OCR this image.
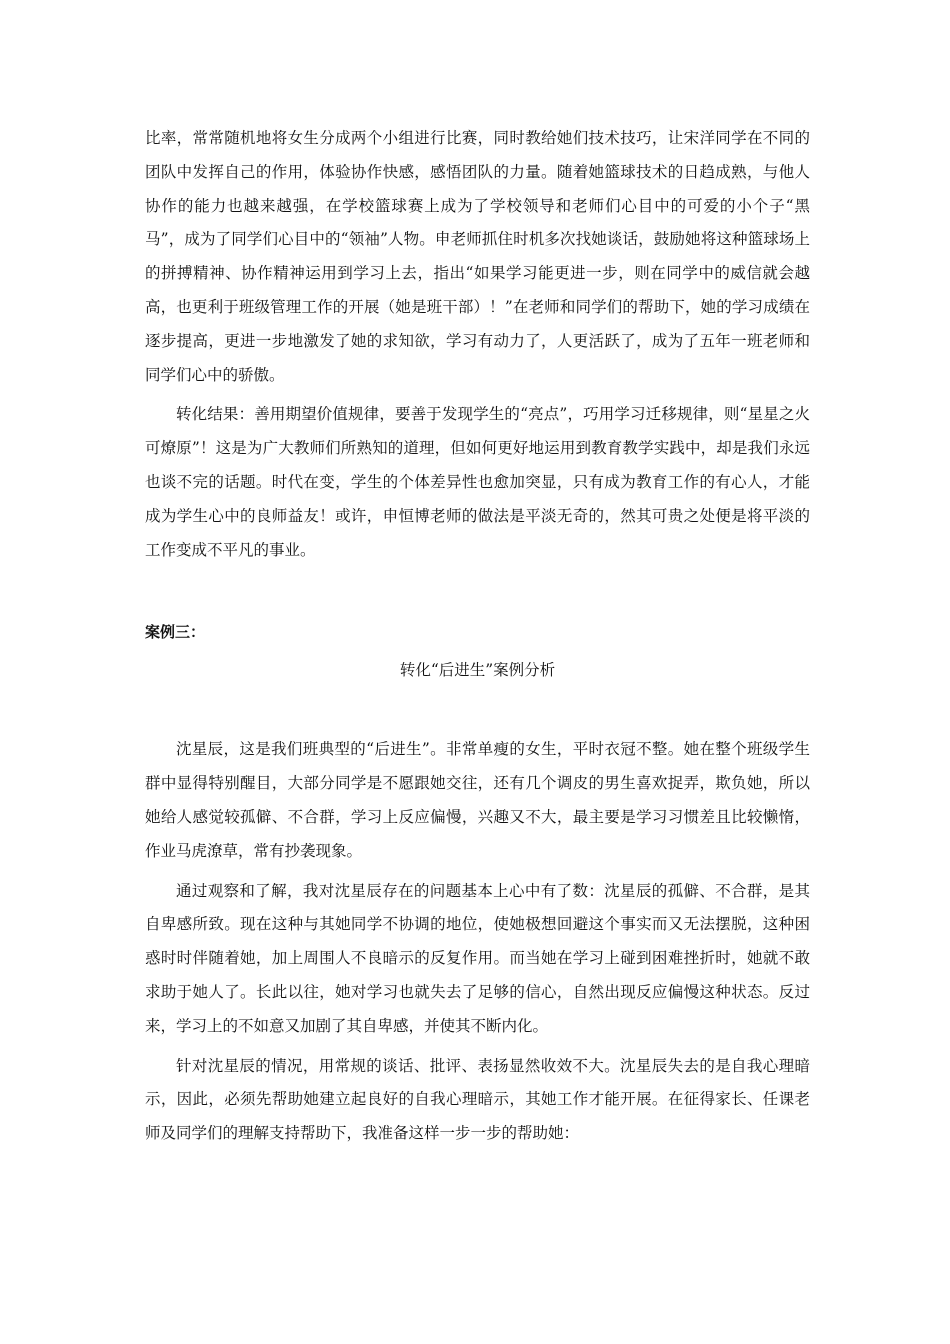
比率，常常随机地将女生分成两个小组进行比赛，同时教给她们技术技巧，让宋洋同学在不同的团队中发挥自己的作用，体验协作快感，感悟团队的力量。随着她篮球技术的日趋成熟，与他人协作的能力也越来越强，在学校篮球赛上成为了学校领导和老师们心目中的可爱的小个子“黑马”，成为了同学们心目中的“领袖”人物。申老师抓住时机多次找她谈话，鼓励她将这种篮球场上的拼搏精神、协作精神运用到学习上去，指出“如果学习能更进一步，则在同学中的威信就会越高，也更利于班级管理工作的开展（她是班干部）！”在老师和同学们的帮助下，她的学习成绩在逐步提高，更进一步地激发了她的求知欲，学习有动力了，人更活跃了，成为了五年一班老师和同学们心中的骄傲。

转化结果：善用期望价值规律，要善于发现学生的“亮点”，巧用学习迁移规律，则“星星之火可燎原”！这是为广大教师们所熟知的道理，但如何更好地运用到教育教学实践中，却是我们永远也谈不完的话题。时代在变，学生的个体差异性也愈加突显，只有成为教育工作的有心人，才能成为学生心中的良师益友！或许，申恒博老师的做法是平淡无奇的，然其可贵之处便是将平淡的工作变成不平凡的事业。

案例三：
转化“后进生”案例分析

沈星辰，这是我们班典型的“后进生”。非常单瘦的女生，平时衣冠不整。她在整个班级学生群中显得特别醒目，大部分同学是不愿跟她交往，还有几个调皮的男生喜欢捉弄，欺负她，所以她给人感觉较孤僻、不合群，学习上反应偏慢，兴趣又不大，最主要是学习习惯差且比较懒惰，作业马虎潦草，常有抄袭现象。

通过观察和了解，我对沈星辰存在的问题基本上心中有了数：沈星辰的孤僻、不合群，是其自卑感所致。现在这种与其她同学不协调的地位，使她极想回避这个事实而又无法摆脱，这种困惑时时伴随着她，加上周围人不良暗示的反复作用。而当她在学习上碰到困难挫折时，她就不敢求助于她人了。长此以往，她对学习也就失去了足够的信心，自然出现反应偏慢这种状态。反过来，学习上的不如意又加剧了其自卑感，并使其不断内化。

针对沈星辰的情况，用常规的谈话、批评、表扬显然收效不大。沈星辰失去的是自我心理暗示，因此，必须先帮助她建立起良好的自我心理暗示，其她工作才能开展。在征得家长、任课老师及同学们的理解支持帮助下，我准备这样一步一步的帮助她：
